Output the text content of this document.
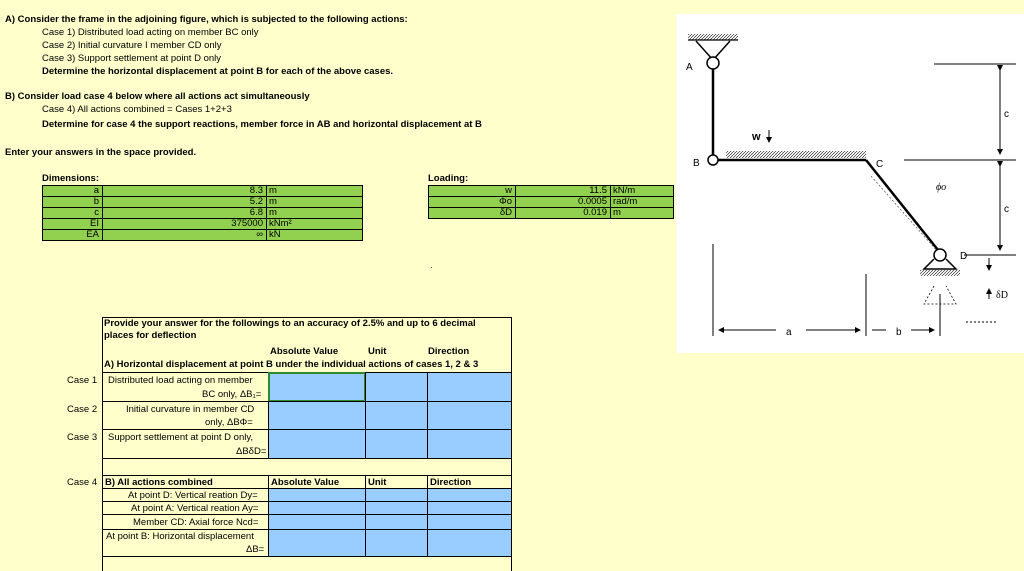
A) Consider the frame in the adjoining figure, which is subjected to the following actions:
Case 1) Distributed load acting on member BC only
Case 2) Initial curvature I member CD only
Case 3) Support settlement at point D only
Determine the horizontal displacement at point B for each of the above cases.
B) Consider load case 4 below where all actions act simultaneously
Case 4) All actions combined = Cases 1+2+3
Determine for case 4 the support reactions, member force in AB and horizontal displacement at B
Enter your answers in the space provided.
Dimensions:
a	8.3 m
b	5.2 m
c	6.8 m
EI	375000 kNm²
EA	∞ kN
Loading:
w	11.5 kN/m
Φo	0.0005 rad/m
δD	0.019 m
·
Provide your answer for the followings to an accuracy of 2.5% and up to 6 decimal
places for deflection
Absolute Value	Unit	Direction
A) Horizontal displacement at point B under the individual actions of cases 1, 2 & 3
Case 1 Distributed load acting on member
BC only, ΔB₁=
Case 2	Initial curvature in member CD
only, ΔBΦ=
Case 3 Support settlement at point D only,
ΔBδD=
Case 4 B) All actions combined	Absolute Value	Unit	Direction
At point D: Vertical reation Dy=
At point A: Vertical reation Ay=
Member CD: Axial force Ncd=
At point B: Horizontal displacement
ΔB=
A
B	C
D
w
ϕo
c
c
a	b
δD
